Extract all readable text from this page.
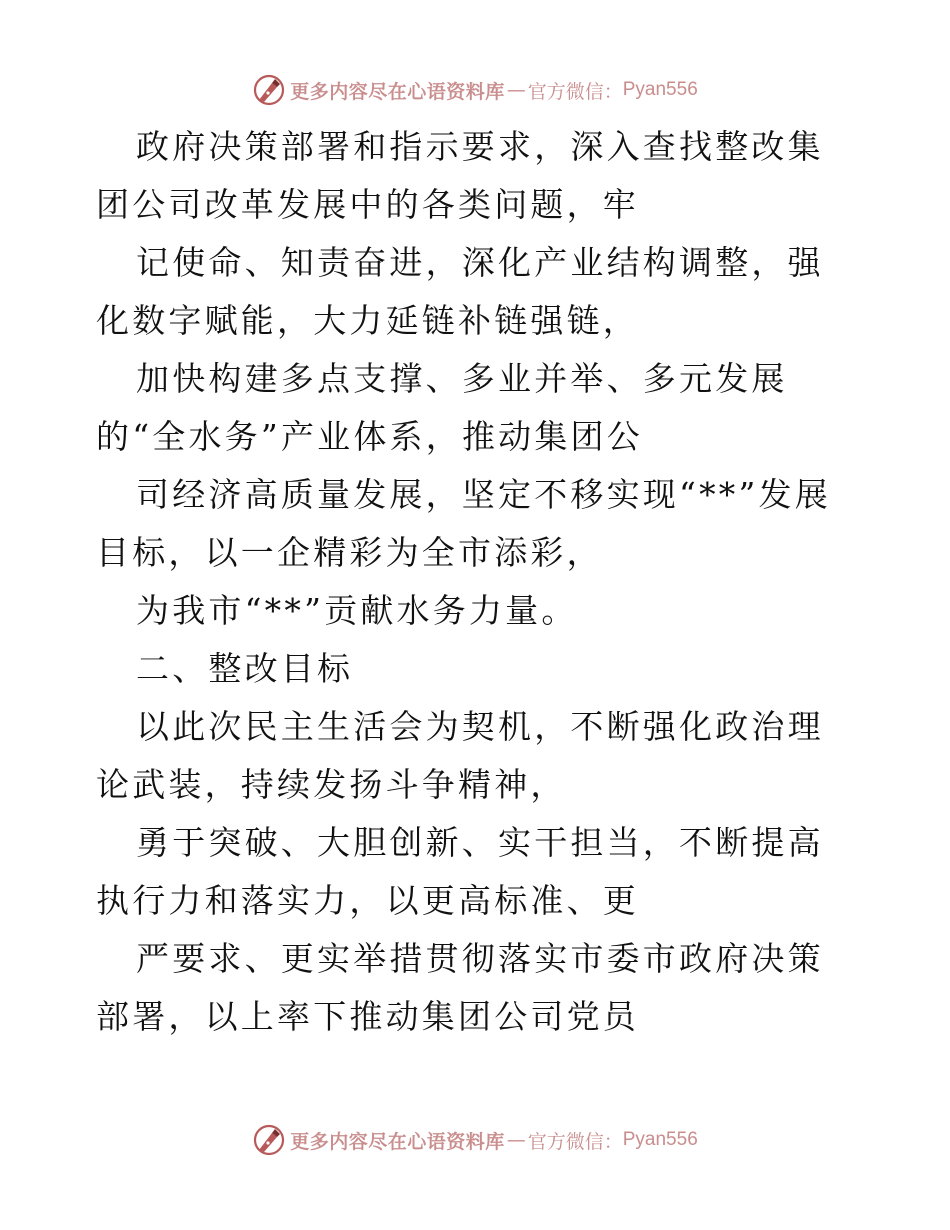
更多内容尽在心语资料库 — 官方微信： Pyan556

政府决策部署和指示要求，深入查找整改集团公司改革发展中的各类问题，牢

记使命、知责奋进，深化产业结构调整，强化数字赋能，大力延链补链强链，

加快构建多点支撑、多业并举、多元发展的“全水务”产业体系，推动集团公

司经济高质量发展，坚定不移实现“**”发展目标，以一企精彩为全市添彩，

为我市“**”贡献水务力量。

二、整改目标

以此次民主生活会为契机，不断强化政治理论武装，持续发扬斗争精神，

勇于突破、大胆创新、实干担当，不断提高执行力和落实力，以更高标准、更

严要求、更实举措贯彻落实市委市政府决策部署，以上率下推动集团公司党员

更多内容尽在心语资料库 — 官方微信： Pyan556
